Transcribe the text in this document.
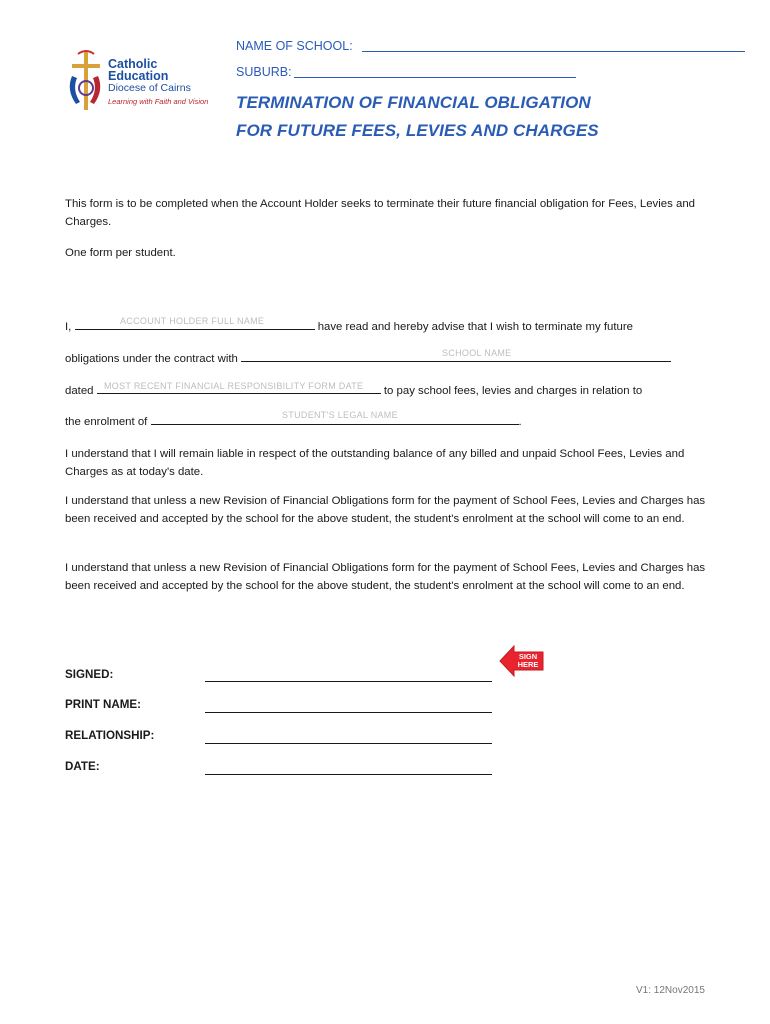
Catholic
Education
Diocese of Cairns
Learning with Faith and Vision
NAME OF SCHOOL:
SUBURB:
TERMINATION OF FINANCIAL OBLIGATION
FOR FUTURE FEES, LEVIES AND CHARGES
This form is to be completed when the Account Holder seeks to terminate their future financial obligation for Fees, Levies and Charges.
One form per student.
I,	have read and hereby advise that I wish to terminate my future
ACCOUNT HOLDER FULL NAME
obligations under the contract with	SCHOOL NAME
dated	to pay school fees, levies and charges in relation to
MOST RECENT FINANCIAL RESPONSIBILITY FORM DATE
the enrolment of	.
STUDENT'S LEGAL NAME
I understand that I will remain liable in respect of the outstanding balance of any billed and unpaid School Fees, Levies and Charges as at today's date.
I understand that unless a new Revision of Financial Obligations form for the payment of School Fees, Levies and Charges has been received and accepted by the school for the above student, the student's enrolment at the school will come to an end.
I understand that unless a new Revision of Financial Obligations form for the payment of School Fees, Levies and Charges has been received and accepted by the school for the above student, the student's enrolment at the school will come to an end.
SIGNED:
PRINT NAME:
RELATIONSHIP:
DATE:
SIGN
HERE
V1: 12Nov2015
